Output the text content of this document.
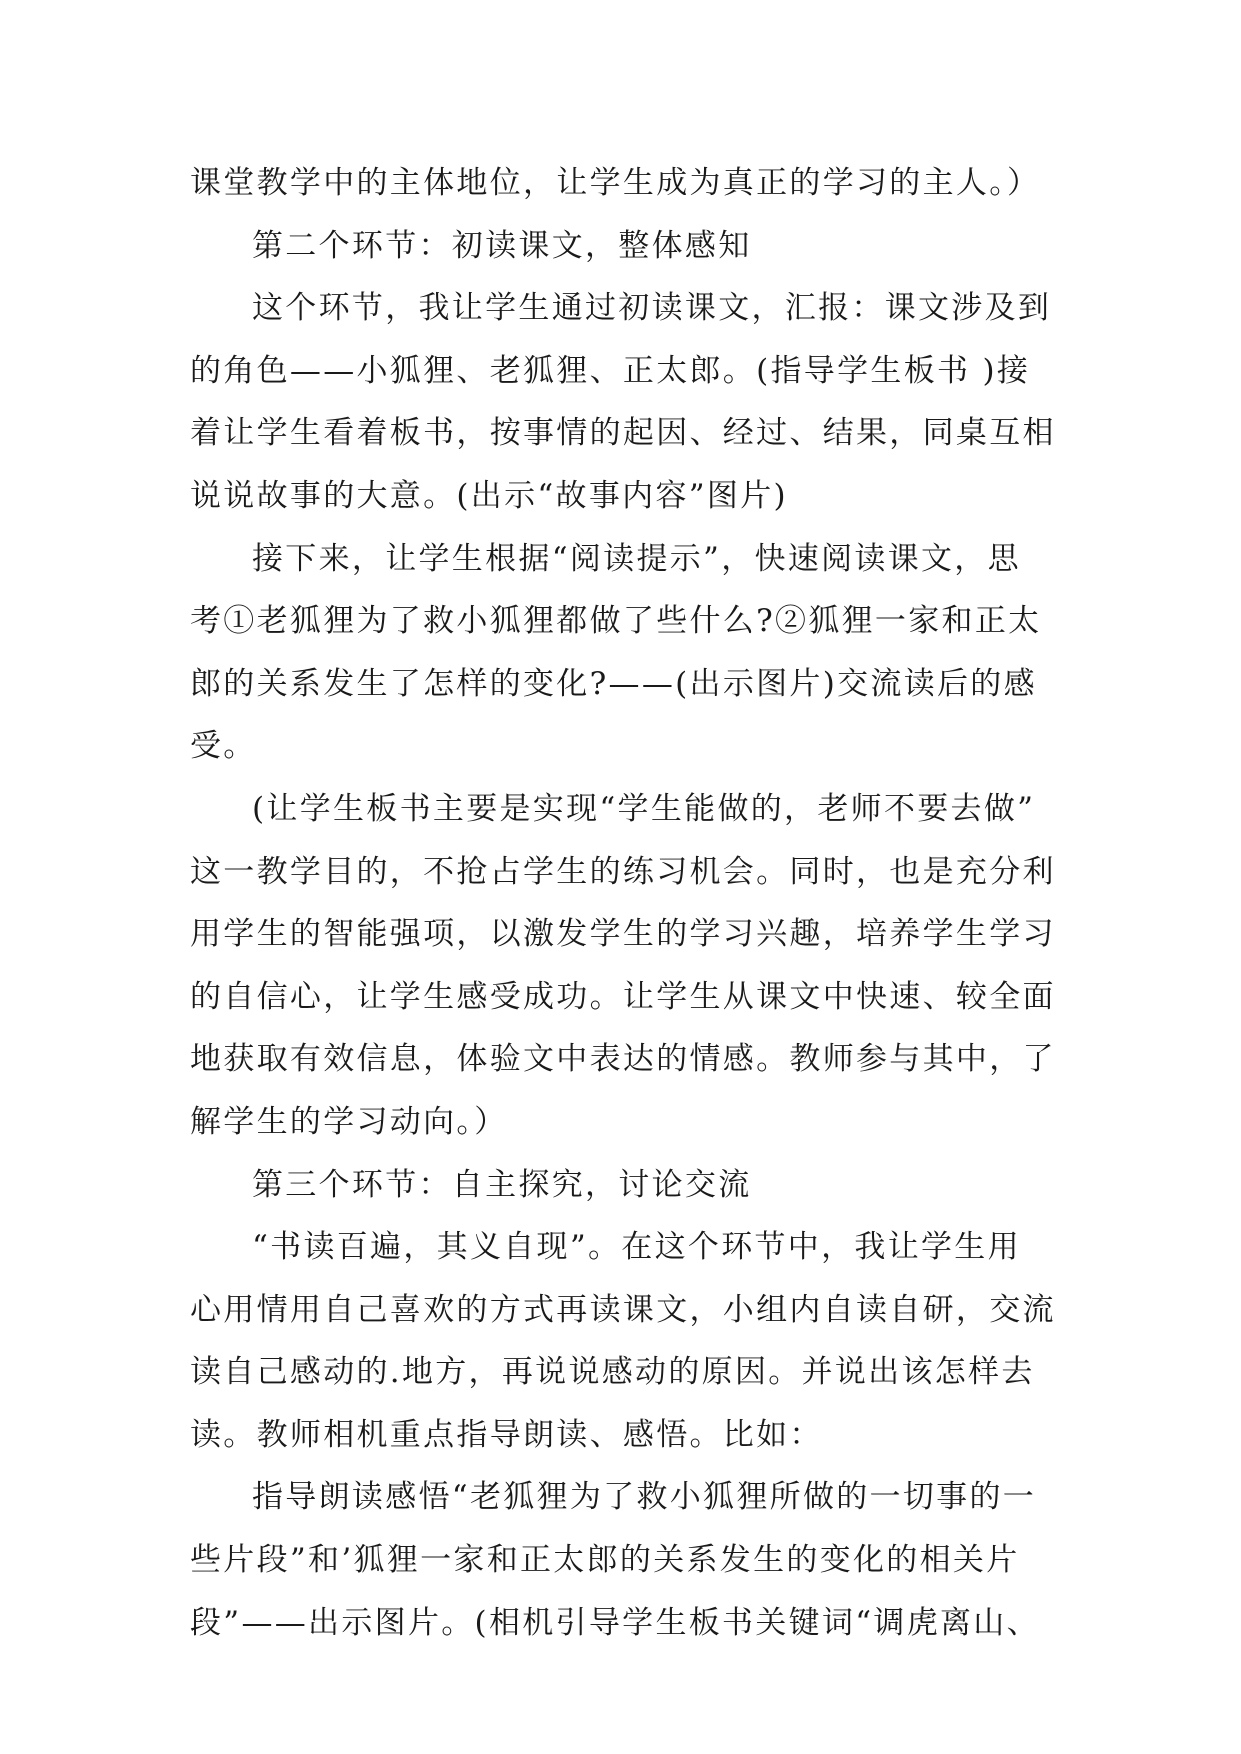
课堂教学中的主体地位，让学生成为真正的学习的主人。）
第二个环节：初读课文，整体感知
这个环节，我让学生通过初读课文，汇报：课文涉及到
的角色——小狐狸、老狐狸、正太郎。(指导学生板书 )接
着让学生看着板书，按事情的起因、经过、结果，同桌互相
说说故事的大意。(出示“故事内容”图片)
接下来，让学生根据“阅读提示”，快速阅读课文，思
考①老狐狸为了救小狐狸都做了些什么?②狐狸一家和正太
郎的关系发生了怎样的变化?——(出示图片)交流读后的感
受。
(让学生板书主要是实现“学生能做的，老师不要去做”
这一教学目的，不抢占学生的练习机会。同时，也是充分利
用学生的智能强项，以激发学生的学习兴趣，培养学生学习
的自信心，让学生感受成功。让学生从课文中快速、较全面
地获取有效信息，体验文中表达的情感。教师参与其中，了
解学生的学习动向。）
第三个环节：自主探究，讨论交流
“书读百遍，其义自现”。在这个环节中，我让学生用
心用情用自己喜欢的方式再读课文，小组内自读自研，交流
读自己感动的.地方，再说说感动的原因。并说出该怎样去
读。教师相机重点指导朗读、感悟。比如：
指导朗读感悟“老狐狸为了救小狐狸所做的一切事的一
些片段”和’狐狸一家和正太郎的关系发生的变化的相关片
段”——出示图片。(相机引导学生板书关键词“调虎离山、
